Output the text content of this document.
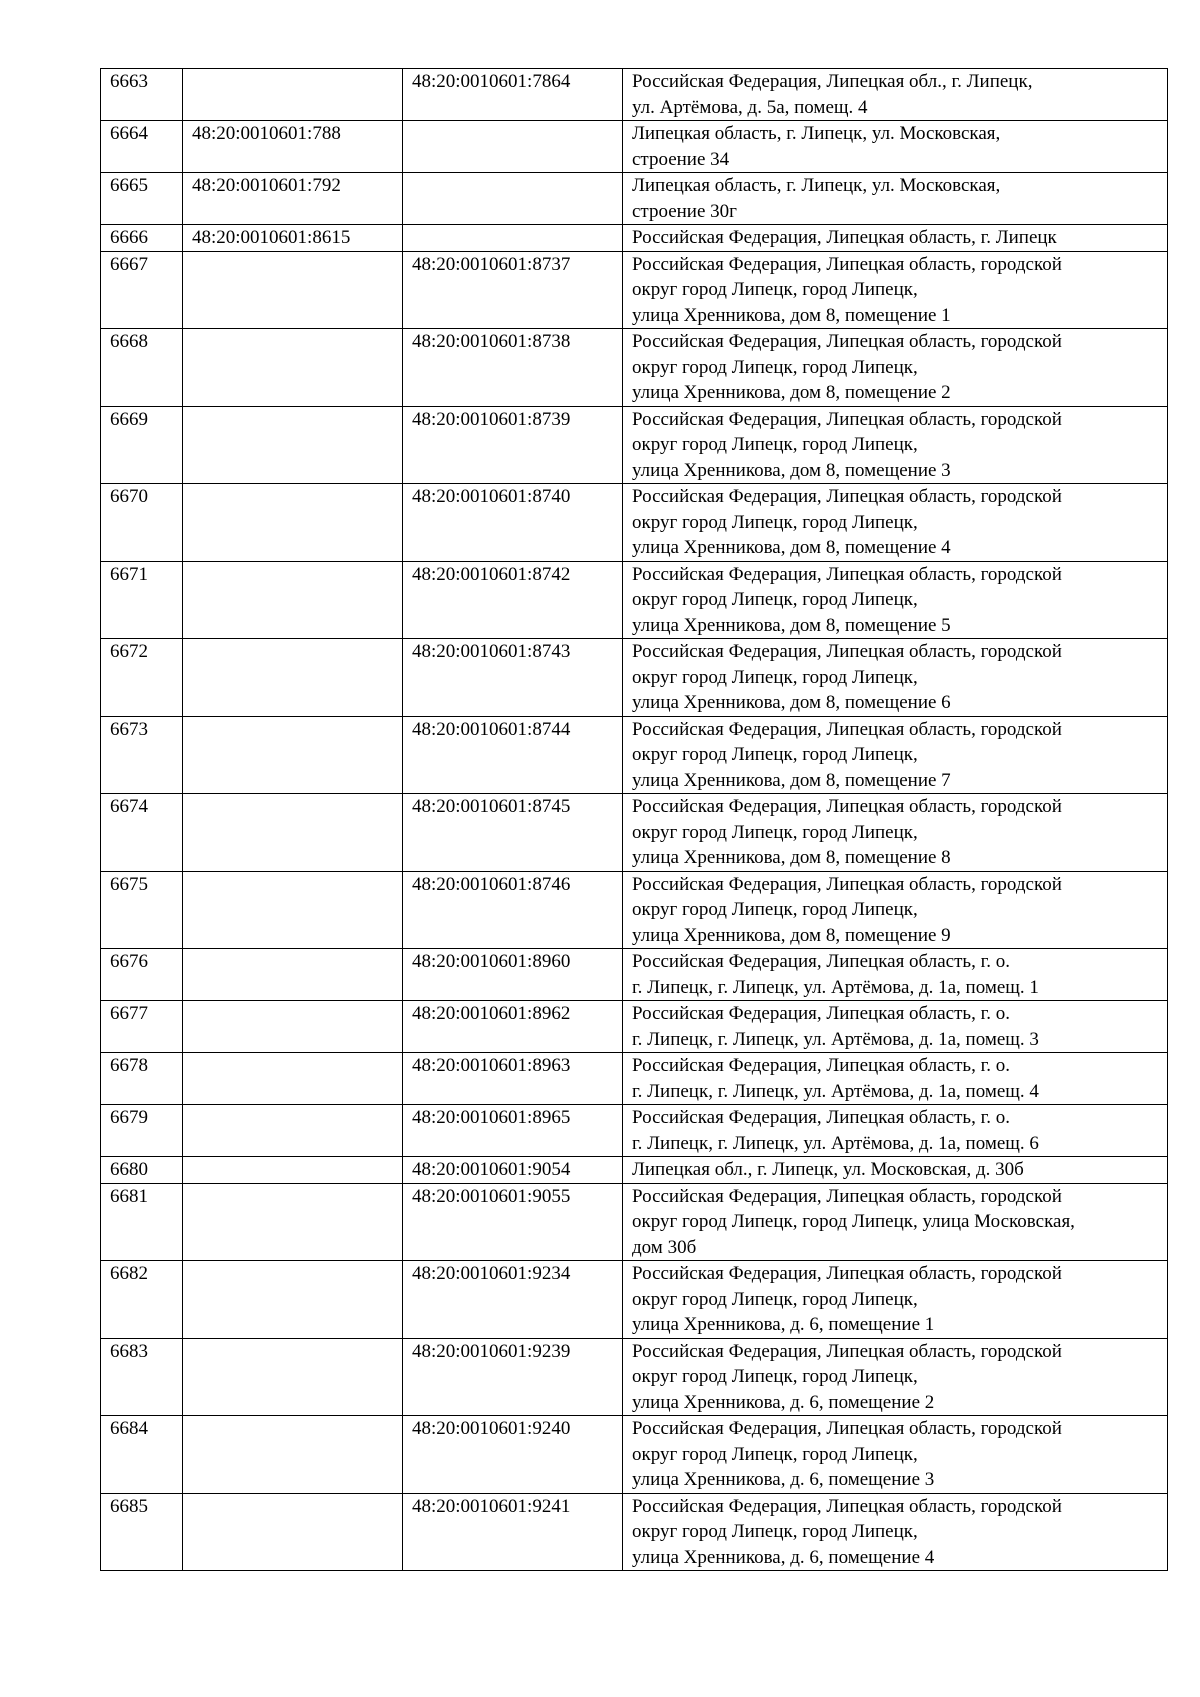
6663		48:20:0010601:7864	Российская Федерация, Липецкая обл., г. Липецк,
ул. Артёмова, д. 5а, помещ. 4
6664	48:20:0010601:788		Липецкая область, г. Липецк, ул. Московская,
строение 34
6665	48:20:0010601:792		Липецкая область, г. Липецк, ул. Московская,
строение 30г
6666	48:20:0010601:8615		Российская Федерация, Липецкая область, г. Липецк
6667		48:20:0010601:8737	Российская Федерация, Липецкая область, городской
округ город Липецк, город Липецк,
улица Хренникова, дом 8, помещение 1
6668		48:20:0010601:8738	Российская Федерация, Липецкая область, городской
округ город Липецк, город Липецк,
улица Хренникова, дом 8, помещение 2
6669		48:20:0010601:8739	Российская Федерация, Липецкая область, городской
округ город Липецк, город Липецк,
улица Хренникова, дом 8, помещение 3
6670		48:20:0010601:8740	Российская Федерация, Липецкая область, городской
округ город Липецк, город Липецк,
улица Хренникова, дом 8, помещение 4
6671		48:20:0010601:8742	Российская Федерация, Липецкая область, городской
округ город Липецк, город Липецк,
улица Хренникова, дом 8, помещение 5
6672		48:20:0010601:8743	Российская Федерация, Липецкая область, городской
округ город Липецк, город Липецк,
улица Хренникова, дом 8, помещение 6
6673		48:20:0010601:8744	Российская Федерация, Липецкая область, городской
округ город Липецк, город Липецк,
улица Хренникова, дом 8, помещение 7
6674		48:20:0010601:8745	Российская Федерация, Липецкая область, городской
округ город Липецк, город Липецк,
улица Хренникова, дом 8, помещение 8
6675		48:20:0010601:8746	Российская Федерация, Липецкая область, городской
округ город Липецк, город Липецк,
улица Хренникова, дом 8, помещение 9
6676		48:20:0010601:8960	Российская Федерация, Липецкая область, г. о.
г. Липецк, г. Липецк, ул. Артёмова, д. 1а, помещ. 1
6677		48:20:0010601:8962	Российская Федерация, Липецкая область, г. о.
г. Липецк, г. Липецк, ул. Артёмова, д. 1а, помещ. 3
6678		48:20:0010601:8963	Российская Федерация, Липецкая область, г. о.
г. Липецк, г. Липецк, ул. Артёмова, д. 1а, помещ. 4
6679		48:20:0010601:8965	Российская Федерация, Липецкая область, г. о.
г. Липецк, г. Липецк, ул. Артёмова, д. 1а, помещ. 6
6680		48:20:0010601:9054	Липецкая обл., г. Липецк, ул. Московская, д. 30б
6681		48:20:0010601:9055	Российская Федерация, Липецкая область, городской
округ город Липецк, город Липецк, улица Московская,
дом 30б
6682		48:20:0010601:9234	Российская Федерация, Липецкая область, городской
округ город Липецк, город Липецк,
улица Хренникова, д. 6, помещение 1
6683		48:20:0010601:9239	Российская Федерация, Липецкая область, городской
округ город Липецк, город Липецк,
улица Хренникова, д. 6, помещение 2
6684		48:20:0010601:9240	Российская Федерация, Липецкая область, городской
округ город Липецк, город Липецк,
улица Хренникова, д. 6, помещение 3
6685		48:20:0010601:9241	Российская Федерация, Липецкая область, городской
округ город Липецк, город Липецк,
улица Хренникова, д. 6, помещение 4
